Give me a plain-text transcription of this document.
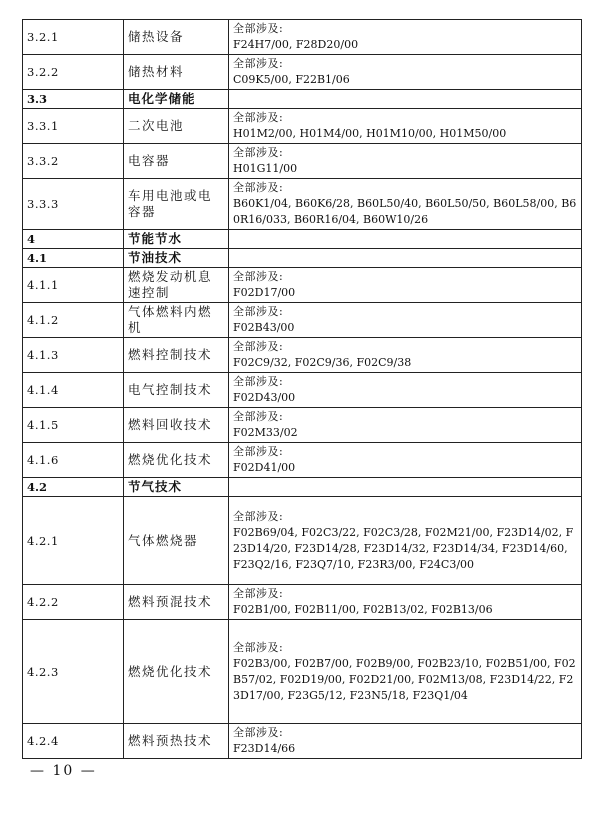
3.2.1	储热设备	全部涉及:
F24H7/00, F28D20/00

3.2.2	储热材料	全部涉及:
C09K5/00, F22B1/06

3.3	电化学储能	
3.3.1	二次电池	全部涉及:
H01M2/00, H01M4/00, H01M10/00, H01M50/00

3.3.2	电容器	全部涉及:
H01G11/00

3.3.3	车用电池或电容器	全部涉及:
B60K1/04, B60K6/28, B60L50/40, B60L50/50, B60L58/00, B60R16/033, B60R16/04, B60W10/26

4	节能节水	
4.1	节油技术	
4.1.1	燃烧发动机息速控制	全部涉及:
F02D17/00

4.1.2	气体燃料内燃机	全部涉及:
F02B43/00

4.1.3	燃料控制技术	全部涉及:
F02C9/32, F02C9/36, F02C9/38

4.1.4	电气控制技术	全部涉及:
F02D43/00

4.1.5	燃料回收技术	全部涉及:
F02M33/02

4.1.6	燃烧优化技术	全部涉及:
F02D41/00

4.2	节气技术	
4.2.1	气体燃烧器	全部涉及:
F02B69/04, F02C3/22, F02C3/28, F02M21/00, F23D14/02, F23D14/20, F23D14/28, F23D14/32, F23D14/34, F23D14/60, F23Q2/16, F23Q7/10, F23R3/00, F24C3/00

4.2.2	燃料预混技术	全部涉及:
F02B1/00, F02B11/00, F02B13/02, F02B13/06

4.2.3	燃烧优化技术	全部涉及:
F02B3/00, F02B7/00, F02B9/00, F02B23/10, F02B51/00, F02B57/02, F02D19/00, F02D21/00, F02M13/08, F23D14/22, F23D17/00, F23G5/12, F23N5/18, F23Q1/04

4.2.4	燃料预热技术	全部涉及:
F23D14/66
— 10 —
